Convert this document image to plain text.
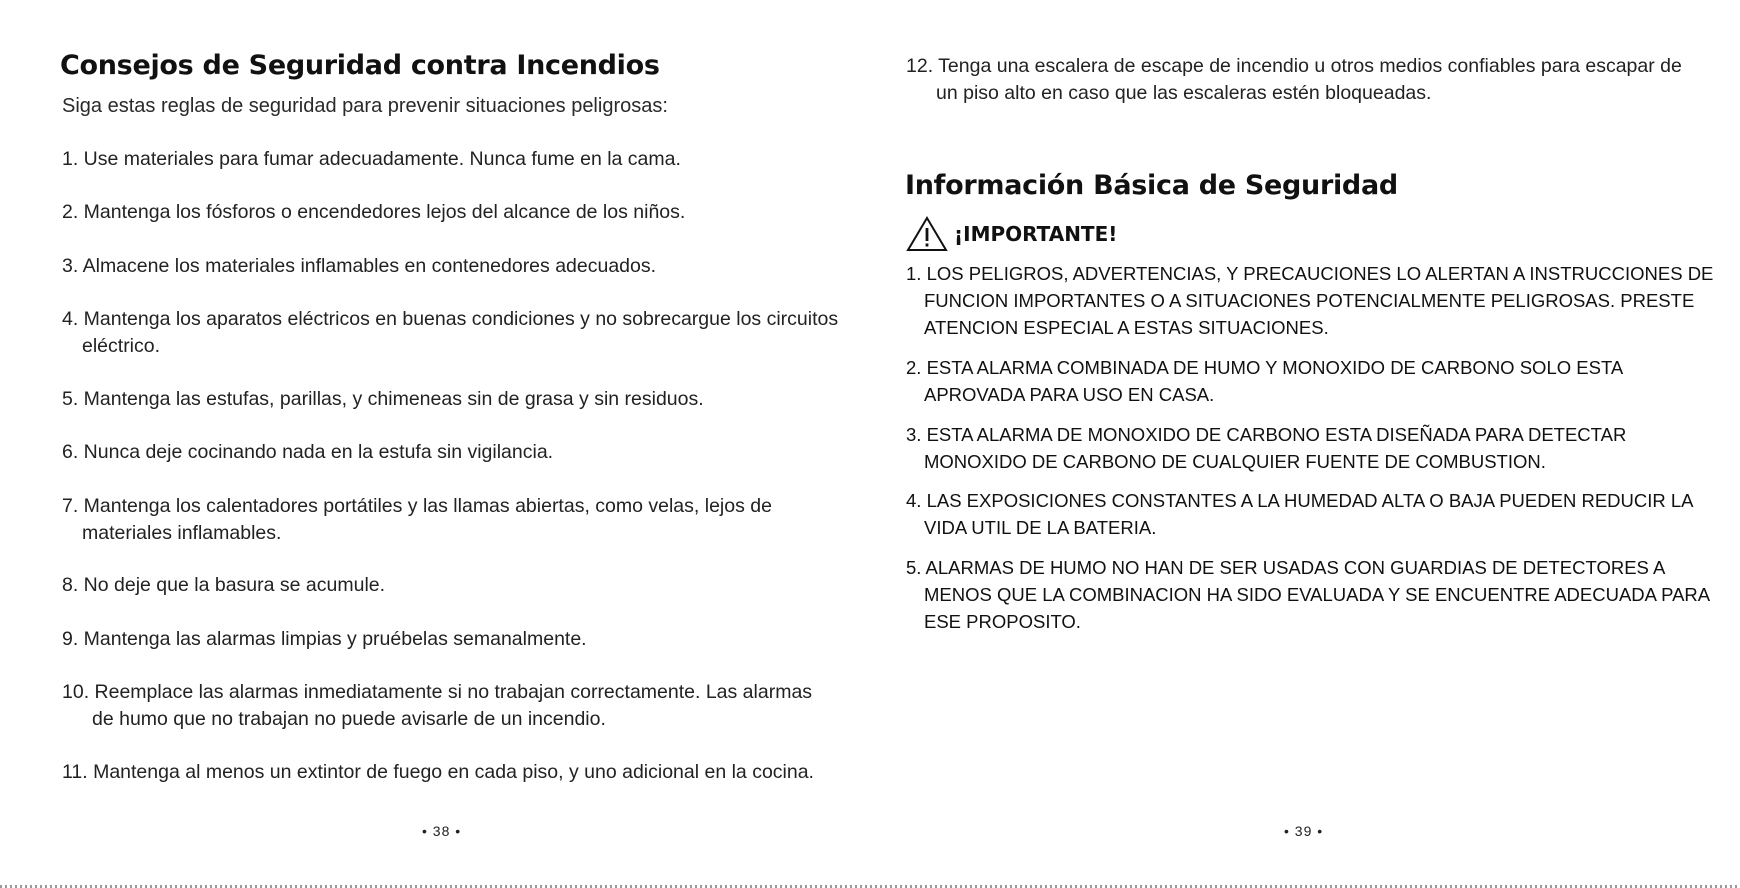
Consejos de Seguridad contra Incendios

Siga estas reglas de seguridad para prevenir situaciones peligrosas:

1. Use materiales para fumar adecuadamente. Nunca fume en la cama.

2. Mantenga los fósforos o encendedores lejos del alcance de los niños.

3. Almacene los materiales inflamables en contenedores adecuados.

4. Mantenga los aparatos eléctricos en buenas condiciones y no sobrecargue los circuitos eléctrico.

5. Mantenga las estufas, parillas, y chimeneas sin de grasa y sin residuos.

6. Nunca deje cocinando nada en la estufa sin vigilancia.

7. Mantenga los calentadores portátiles y las llamas abiertas, como velas, lejos de materiales inflamables.

8. No deje que la basura se acumule.

9. Mantenga las alarmas limpias y pruébelas semanalmente.

10. Reemplace las alarmas inmediatamente si no trabajan correctamente. Las alarmas de humo que no trabajan no puede avisarle de un incendio.

11. Mantenga al menos un extintor de fuego en cada piso, y uno adicional en la cocina.

• 38 •

12. Tenga una escalera de escape de incendio u otros medios confiables para escapar de un piso alto en caso que las escaleras estén bloqueadas.

Información Básica de Seguridad
¡IMPORTANTE!

1. LOS PELIGROS, ADVERTENCIAS, Y PRECAUCIONES LO ALERTAN A INSTRUCCIONES DE FUNCION IMPORTANTES O A SITUACIONES POTENCIALMENTE PELIGROSAS. PRESTE ATENCION ESPECIAL A ESTAS SITUACIONES.

2. ESTA ALARMA COMBINADA DE HUMO Y MONOXIDO DE CARBONO SOLO ESTA APROVADA PARA USO EN CASA.

3. ESTA ALARMA DE MONOXIDO DE CARBONO ESTA DISEÑADA PARA DETECTAR MONOXIDO DE CARBONO DE CUALQUIER FUENTE DE COMBUSTION.

4. LAS EXPOSICIONES CONSTANTES A LA HUMEDAD ALTA O BAJA PUEDEN REDUCIR LA VIDA UTIL DE LA BATERIA.

5. ALARMAS DE HUMO NO HAN DE SER USADAS CON GUARDIAS DE DETECTORES A MENOS QUE LA COMBINACION HA SIDO EVALUADA Y SE ENCUENTRE ADECUADA PARA ESE PROPOSITO.

• 39 •
